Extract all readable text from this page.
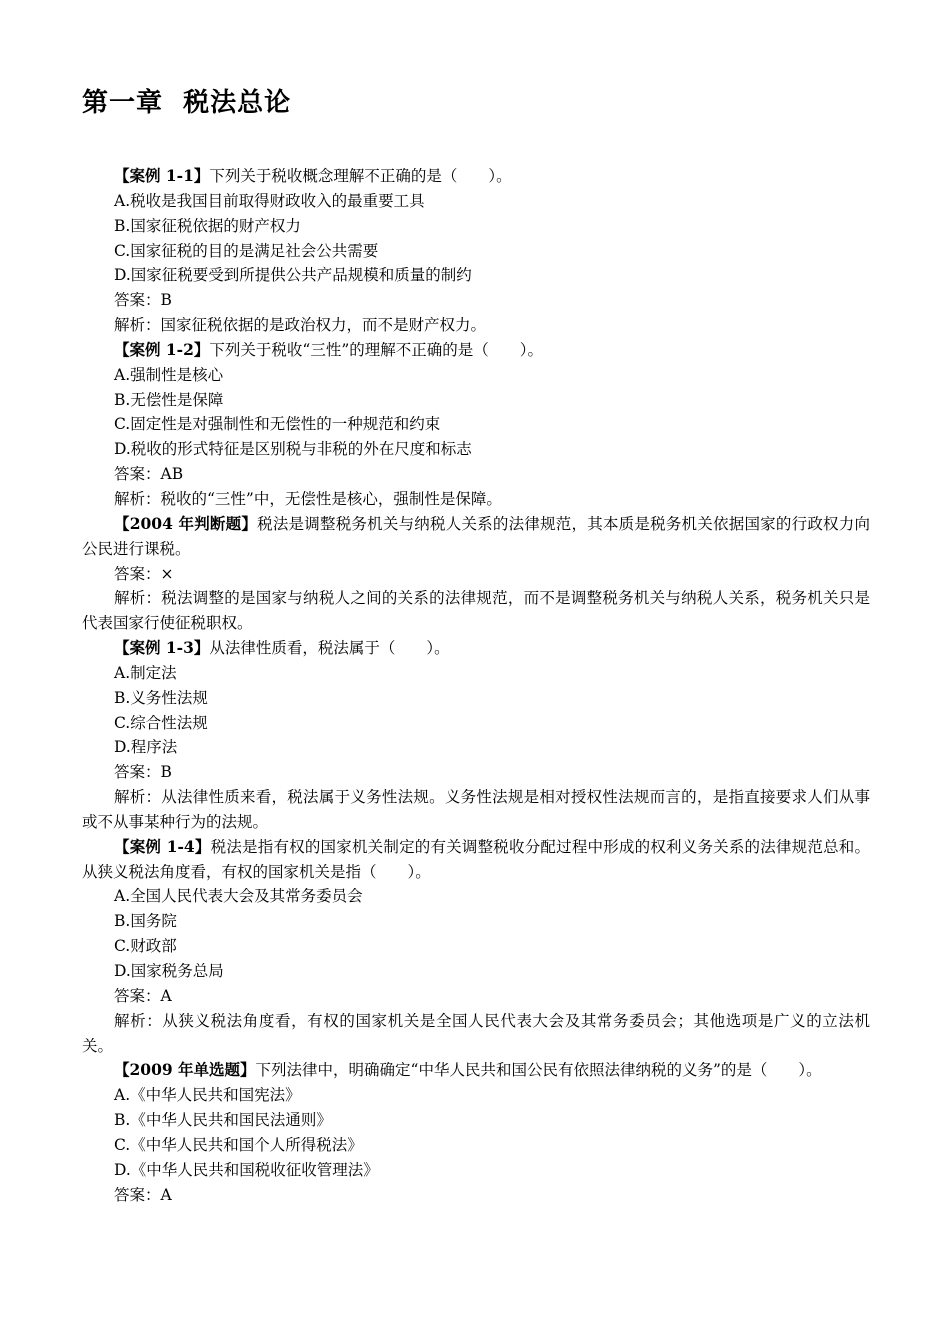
第一章  税法总论

【案例 1-1】下列关于税收概念理解不正确的是（　　）。

A.税收是我国目前取得财政收入的最重要工具

B.国家征税依据的财产权力

C.国家征税的目的是满足社会公共需要

D.国家征税要受到所提供公共产品规模和质量的制约

答案：B

解析：国家征税依据的是政治权力，而不是财产权力。

【案例 1-2】下列关于税收“三性”的理解不正确的是（　　）。

A.强制性是核心

B.无偿性是保障

C.固定性是对强制性和无偿性的一种规范和约束

D.税收的形式特征是区别税与非税的外在尺度和标志

答案：AB

解析：税收的“三性”中，无偿性是核心，强制性是保障。

【2004 年判断题】税法是调整税务机关与纳税人关系的法律规范，其本质是税务机关依据国家的行政权力向公民进行课税。

答案：×

解析：税法调整的是国家与纳税人之间的关系的法律规范，而不是调整税务机关与纳税人关系，税务机关只是代表国家行使征税职权。

【案例 1-3】从法律性质看，税法属于（　　）。

A.制定法

B.义务性法规

C.综合性法规

D.程序法

答案：B

解析：从法律性质来看，税法属于义务性法规。义务性法规是相对授权性法规而言的，是指直接要求人们从事或不从事某种行为的法规。

【案例 1-4】税法是指有权的国家机关制定的有关调整税收分配过程中形成的权利义务关系的法律规范总和。从狭义税法角度看，有权的国家机关是指（　　）。

A.全国人民代表大会及其常务委员会

B.国务院

C.财政部

D.国家税务总局

答案：A

解析：从狭义税法角度看，有权的国家机关是全国人民代表大会及其常务委员会；其他选项是广义的立法机关。

【2009 年单选题】下列法律中，明确确定“中华人民共和国公民有依照法律纳税的义务”的是（　　）。

A.《中华人民共和国宪法》

B.《中华人民共和国民法通则》

C.《中华人民共和国个人所得税法》

D.《中华人民共和国税收征收管理法》

答案：A
